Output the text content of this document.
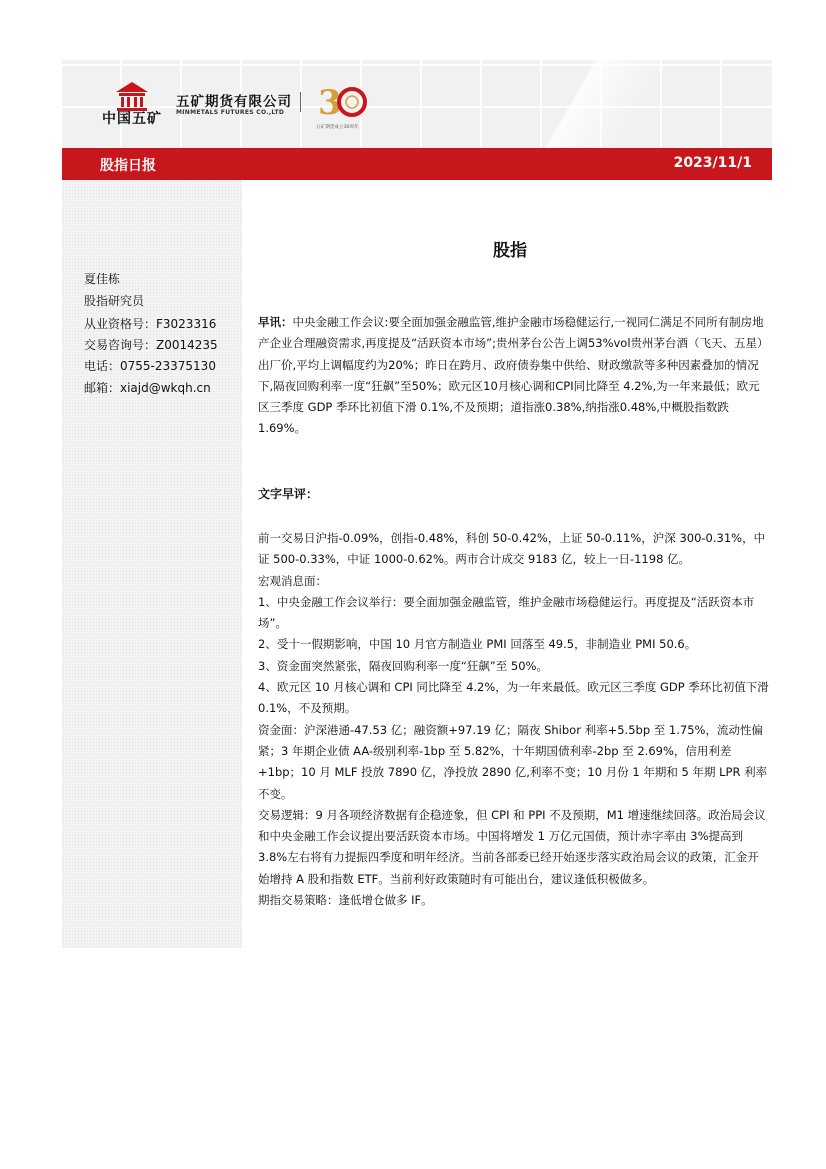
中国五矿
五矿期货有限公司
MINMETALS FUTURES CO.,LTD 3
五矿期货成立30周年
股指日报	2023/11/1
夏佳栋
股指研究员
从业资格号：F3023316
交易咨询号：Z0014235
电话：0755-23375130
邮箱：xiajd@wkqh.cn
股指

早讯：中央金融工作会议:要全面加强金融监管,维护金融市场稳健运行,一视同仁满足不同所有制房地产企业合理融资需求,再度提及“活跃资本市场”;贵州茅台公告上调53%vol贵州茅台酒（飞天、五星）出厂价,平均上调幅度约为20%；昨日在跨月、政府债券集中供给、财政缴款等多种因素叠加的情况下,隔夜回购利率一度“狂飙”至50%；欧元区10月核心调和CPI同比降至 4.2%,为一年来最低；欧元区三季度 GDP 季环比初值下滑 0.1%,不及预期；道指涨0.38%,纳指涨0.48%,中概股指数跌1.69%。

文字早评：

前一交易日沪指-0.09%，创指-0.48%，科创 50-0.42%，上证 50-0.11%，沪深 300-0.31%，中证 500-0.33%，中证 1000-0.62%。两市合计成交 9183 亿，较上一日-1198 亿。

宏观消息面：

1、中央金融工作会议举行：要全面加强金融监管，维护金融市场稳健运行。再度提及“活跃资本市场”。

2、受十一假期影响，中国 10 月官方制造业 PMI 回落至 49.5，非制造业 PMI 50.6。

3、资金面突然紧张，隔夜回购利率一度“狂飙”至 50%。

4、欧元区 10 月核心调和 CPI 同比降至 4.2%，为一年来最低。欧元区三季度 GDP 季环比初值下滑 0.1%，不及预期。

资金面：沪深港通-47.53 亿；融资额+97.19 亿；隔夜 Shibor 利率+5.5bp 至 1.75%，流动性偏紧；3 年期企业债 AA-级别利率-1bp 至 5.82%，十年期国债利率-2bp 至 2.69%，信用利差+1bp；10 月 MLF 投放 7890 亿，净投放 2890 亿,利率不变；10 月份 1 年期和 5 年期 LPR 利率不变。

交易逻辑：9 月各项经济数据有企稳迹象，但 CPI 和 PPI 不及预期，M1 增速继续回落。政治局会议和中央金融工作会议提出要活跃资本市场。中国将增发 1 万亿元国债，预计赤字率由 3%提高到 3.8%左右将有力提振四季度和明年经济。当前各部委已经开始逐步落实政治局会议的政策，汇金开始增持 A 股和指数 ETF。当前利好政策随时有可能出台，建议逢低积极做多。

期指交易策略：逢低增仓做多 IF。
